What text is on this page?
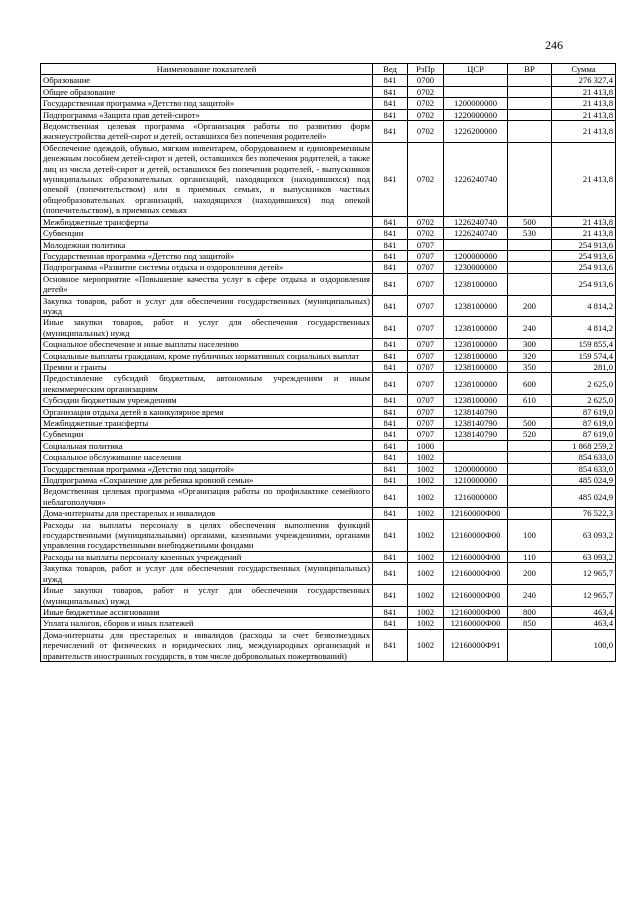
246
Наименование показателей	Вед	РзПр	ЦСР	ВР	Сумма
Образование	841	0700			276 327,4
Общее образование	841	0702			21 413,8
Государственная программа «Детство под защитой»	841	0702	1200000000		21 413,8
Подпрограмма «Защита прав детей-сирот»	841	0702	1220000000		21 413,8
Ведомственная целевая программа «Организация работы по развитию форм жизнеустройства детей-сирот и детей, оставшихся без попечения родителей»	841	0702	1226200000		21 413,8
Обеспечение одеждой, обувью, мягким инвентарем, оборудованием и единовременным денежным пособием детей-сирот и детей, оставшихся без попечения родителей, а также лиц из числа детей-сирот и детей, оставшихся без попечения родителей, - выпускников муниципальных образовательных организаций, находящихся (находившихся) под опекой (попечительством) или в приемных семьях, и выпускников частных общеобразовательных организаций, находящихся (находившихся) под опекой (попечительством), в приемных семьях	841	0702	1226240740		21 413,8
Межбюджетные трансферты	841	0702	1226240740	500	21 413,8
Субвенции	841	0702	1226240740	530	21 413,8
Молодежная политика	841	0707			254 913,6
Государственная программа «Детство под защитой»	841	0707	1200000000		254 913,6
Подпрограмма «Развитие системы отдыха и оздоровления детей»	841	0707	1230000000		254 913,6
Основное мероприятие «Повышение качества услуг в сфере отдыха и оздоровления детей»	841	0707	1238100000		254 913,6
Закупка товаров, работ и услуг для обеспечения государственных (муниципальных) нужд	841	0707	1238100000	200	4 814,2
Иные закупки товаров, работ и услуг для обеспечения государственных (муниципальных) нужд	841	0707	1238100000	240	4 814,2
Социальное обеспечение и иные выплаты населению	841	0707	1238100000	300	159 855,4
Социальные выплаты гражданам, кроме публичных нормативных социальных выплат	841	0707	1238100000	320	159 574,4
Премии и гранты	841	0707	1238100000	350	281,0
Предоставление субсидий бюджетным, автономным учреждениям и иным некоммерческим организациям	841	0707	1238100000	600	2 625,0
Субсидии бюджетным учреждениям	841	0707	1238100000	610	2 625,0
Организация отдыха детей в каникулярное время	841	0707	1238140790		87 619,0
Межбюджетные трансферты	841	0707	1238140790	500	87 619,0
Субвенции	841	0707	1238140790	520	87 619,0
Социальная политика	841	1000			1 868 259,2
Социальное обслуживание населения	841	1002			854 633,0
Государственная программа «Детство под защитой»	841	1002	1200000000		854 633,0
Подпрограмма «Сохранение для ребенка кровной семьи»	841	1002	1210000000		485 024,9
Ведомственная целевая программа «Организация работы по профилактике семейного неблагополучия»	841	1002	1216000000		485 024,9
Дома-интернаты для престарелых и инвалидов	841	1002	12160000Ф00		76 522,3
Расходы на выплаты персоналу в целях обеспечения выполнения функций государственными (муниципальными) органами, казенными учреждениями, органами управления государственными внебюджетными фондами	841	1002	12160000Ф00	100	63 093,2
Расходы на выплаты персоналу казенных учреждений	841	1002	12160000Ф00	110	63 093,2
Закупка товаров, работ и услуг для обеспечения государственных (муниципальных) нужд	841	1002	12160000Ф00	200	12 965,7
Иные закупки товаров, работ и услуг для обеспечения государственных (муниципальных) нужд	841	1002	12160000Ф00	240	12 965,7
Иные бюджетные ассигнования	841	1002	12160000Ф00	800	463,4
Уплата налогов, сборов и иных платежей	841	1002	12160000Ф00	850	463,4
Дома-интернаты для престарелых и инвалидов (расходы за счет безвозмездных перечислений от физических и юридических лиц, международных организаций и правительств иностранных государств, в том числе добровольных пожертвований)	841	1002	12160000Ф91		100,0
